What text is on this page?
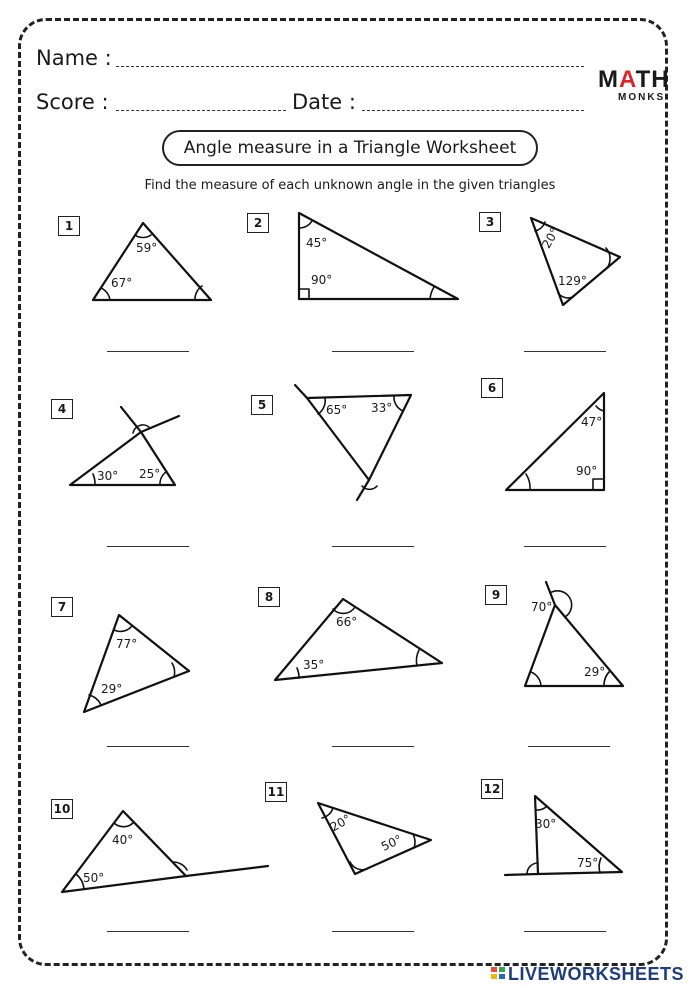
Name :
Score :	Date :
MATH
MONKS
Angle measure in a Triangle Worksheet
Find the measure of each unknown angle in the given triangles
1	2	3
4	5
6
7
8	9
10
11	12
59°
67°
45°
90°
20°
129°
30° 25°
65° 33°
47°
90°
77°
29°
66°
35°
70°
29°
40°
50°
20°
50°
30°
75°
LIVEWORKSHEETS
